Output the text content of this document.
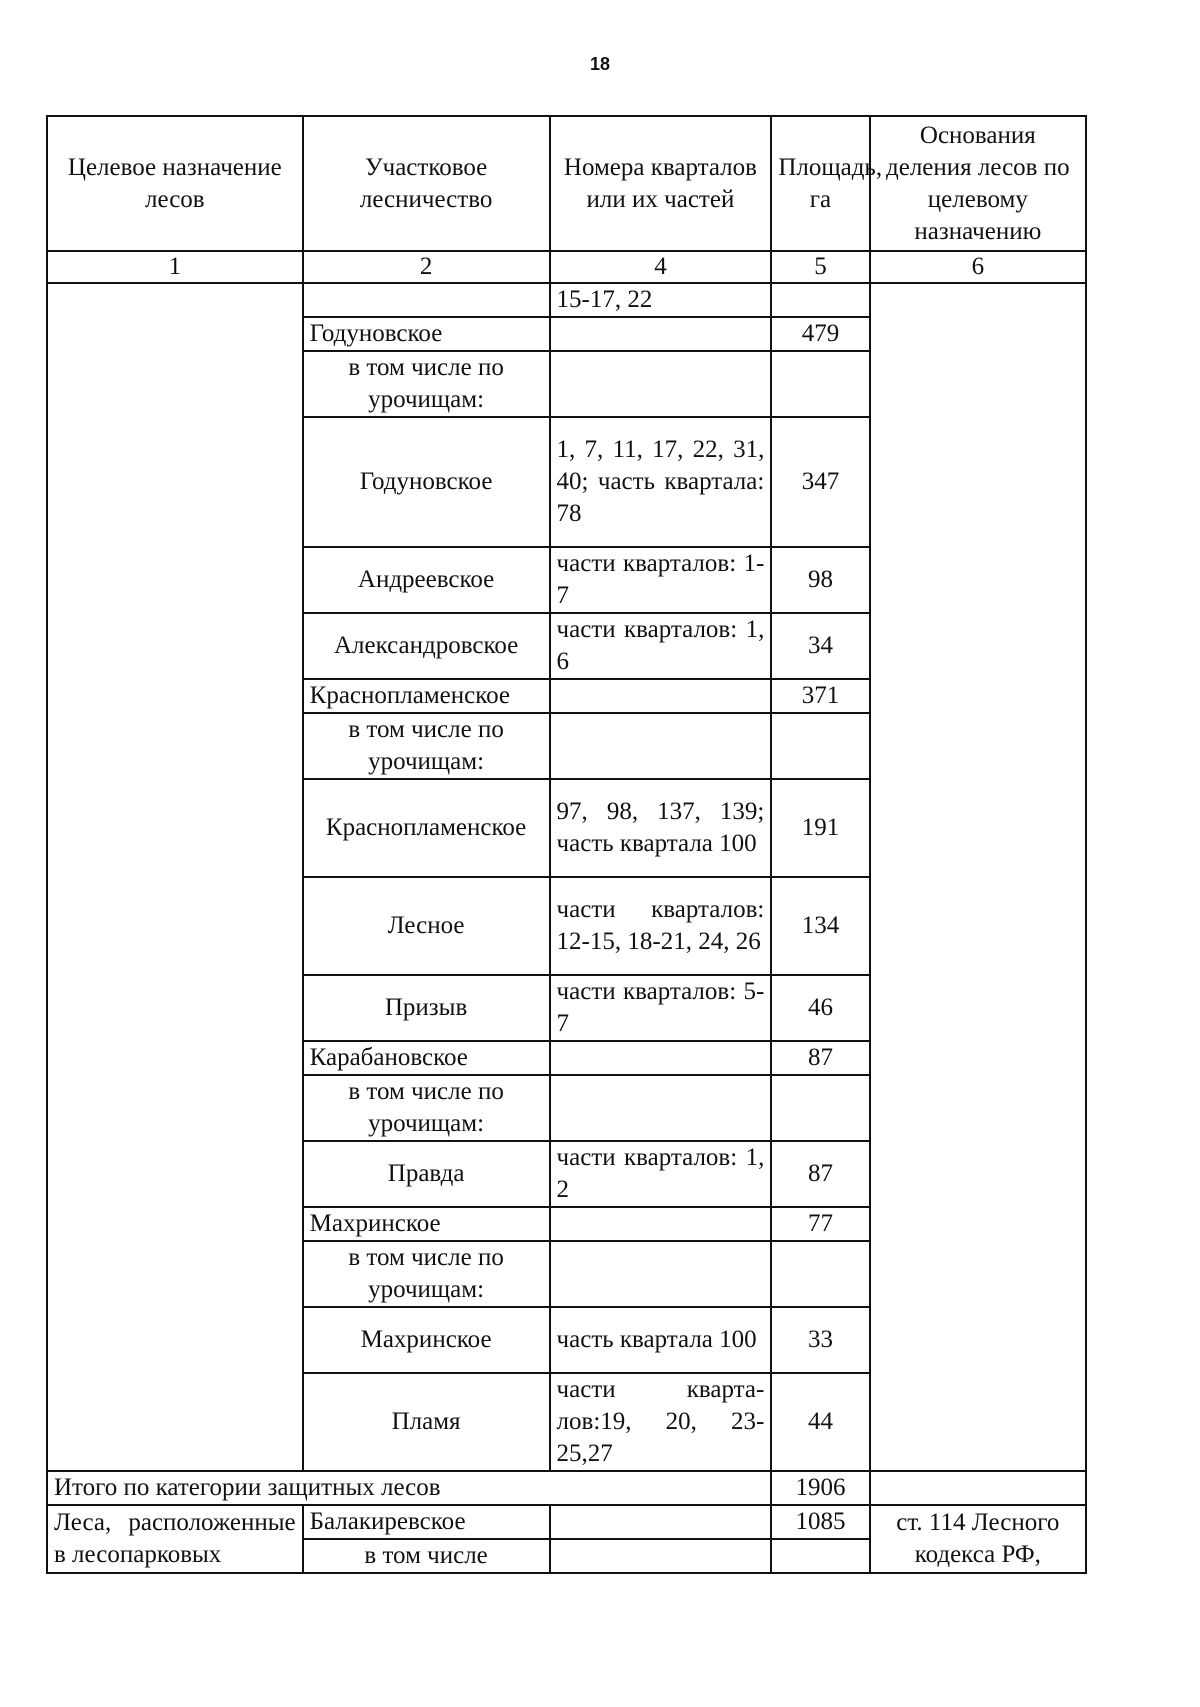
18
Целевое назначение лесов	Участковое лесничество	Номера кварталов или их частей	Площадь, га	Основания деления лесов по целевому назначению
1	2	4	5	6
		15-17, 22		
	Годуновское		479	
	в том числе по урочищам:			
	Годуновское	1, 7, 11, 17, 22, 31, 40; часть квартала: 78	347	
	Андреевское	части кварталов: 1-7	98	
	Александровское	части кварталов: 1, 6	34	
	Краснопламенское		371	
	в том числе по урочищам:			
	Краснопламенское	97, 98, 137, 139; часть квартала 100	191	
	Лесное	части кварталов: 12-15, 18-21, 24, 26	134	
	Призыв	части кварталов: 5-7	46	
	Карабановское		87	
	в том числе по урочищам:			
	Правда	части кварталов: 1, 2	87	
	Махринское		77	
	в том числе по урочищам:			
	Махринское	часть квартала 100	33	
	Пламя	части кварта-лов:19, 20, 23-25,27	44	
Итого по категории защитных лесов			1906	
Леса, расположенные в лесопарковых	Балакиревское		1085	ст. 114 Лесного кодекса РФ,
	в том числе			
